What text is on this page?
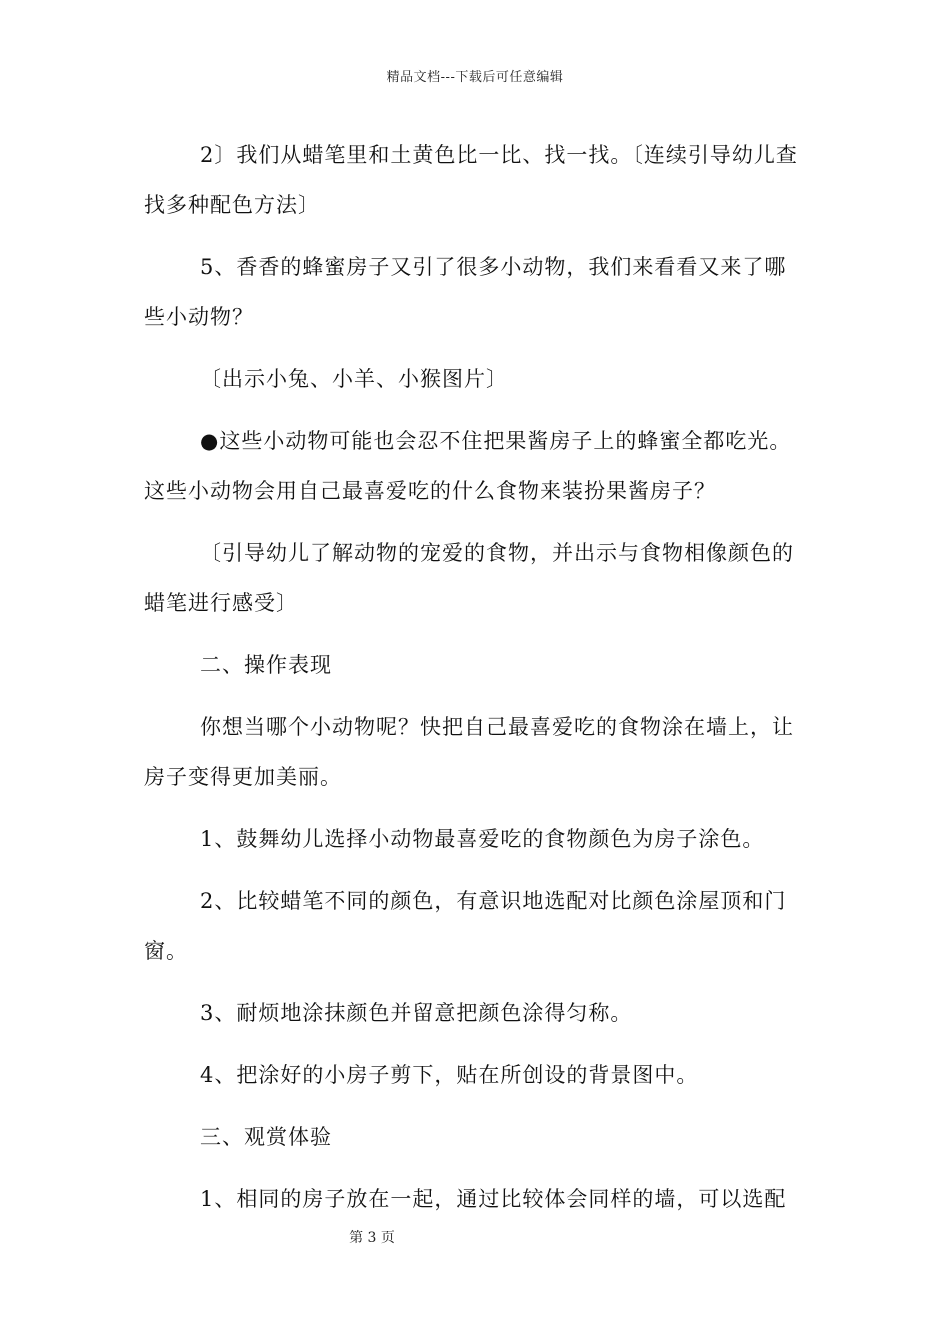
精品文档---下载后可任意编辑

2〕我们从蜡笔里和土黄色比一比、找一找。〔连续引导幼儿查找多种配色方法〕

5、香香的蜂蜜房子又引了很多小动物，我们来看看又来了哪些小动物？

〔出示小兔、小羊、小猴图片〕

●这些小动物可能也会忍不住把果酱房子上的蜂蜜全都吃光。这些小动物会用自己最喜爱吃的什么食物来装扮果酱房子？

〔引导幼儿了解动物的宠爱的食物，并出示与食物相像颜色的蜡笔进行感受〕

二、操作表现

你想当哪个小动物呢？快把自己最喜爱吃的食物涂在墙上，让房子变得更加美丽。

1、鼓舞幼儿选择小动物最喜爱吃的食物颜色为房子涂色。

2、比较蜡笔不同的颜色，有意识地选配对比颜色涂屋顶和门窗。

3、耐烦地涂抹颜色并留意把颜色涂得匀称。

4、把涂好的小房子剪下，贴在所创设的背景图中。

三、观赏体验

1、相同的房子放在一起，通过比较体会同样的墙，可以选配

第 3 页
